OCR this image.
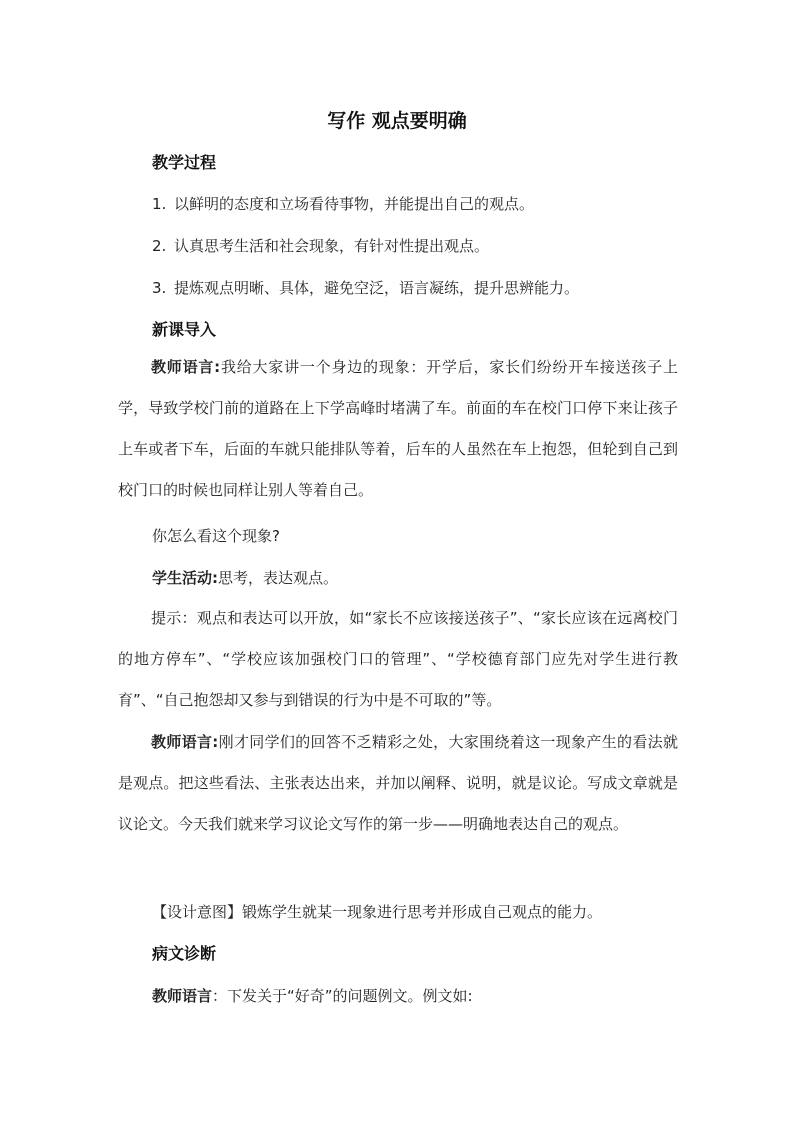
写作 观点要明确
教学过程
1. 以鲜明的态度和立场看待事物，并能提出自己的观点。
2. 认真思考生活和社会现象，有针对性提出观点。
3. 提炼观点明晰、具体，避免空泛，语言凝练，提升思辨能力。
新课导入
教师语言:我给大家讲一个身边的现象：开学后，家长们纷纷开车接送孩子上学，导致学校门前的道路在上下学高峰时堵满了车。前面的车在校门口停下来让孩子上车或者下车，后面的车就只能排队等着，后车的人虽然在车上抱怨，但轮到自己到校门口的时候也同样让别人等着自己。
你怎么看这个现象?
学生活动:思考，表达观点。
提示：观点和表达可以开放，如“家长不应该接送孩子”、“家长应该在远离校门的地方停车”、“学校应该加强校门口的管理”、“学校德育部门应先对学生进行教育”、“自己抱怨却又参与到错误的行为中是不可取的”等。
教师语言:刚才同学们的回答不乏精彩之处，大家围绕着这一现象产生的看法就是观点。把这些看法、主张表达出来，并加以阐释、说明，就是议论。写成文章就是议论文。今天我们就来学习议论文写作的第一步——明确地表达自己的观点。
【设计意图】锻炼学生就某一现象进行思考并形成自己观点的能力。
病文诊断
教师语言：下发关于“好奇”的问题例文。例文如:
